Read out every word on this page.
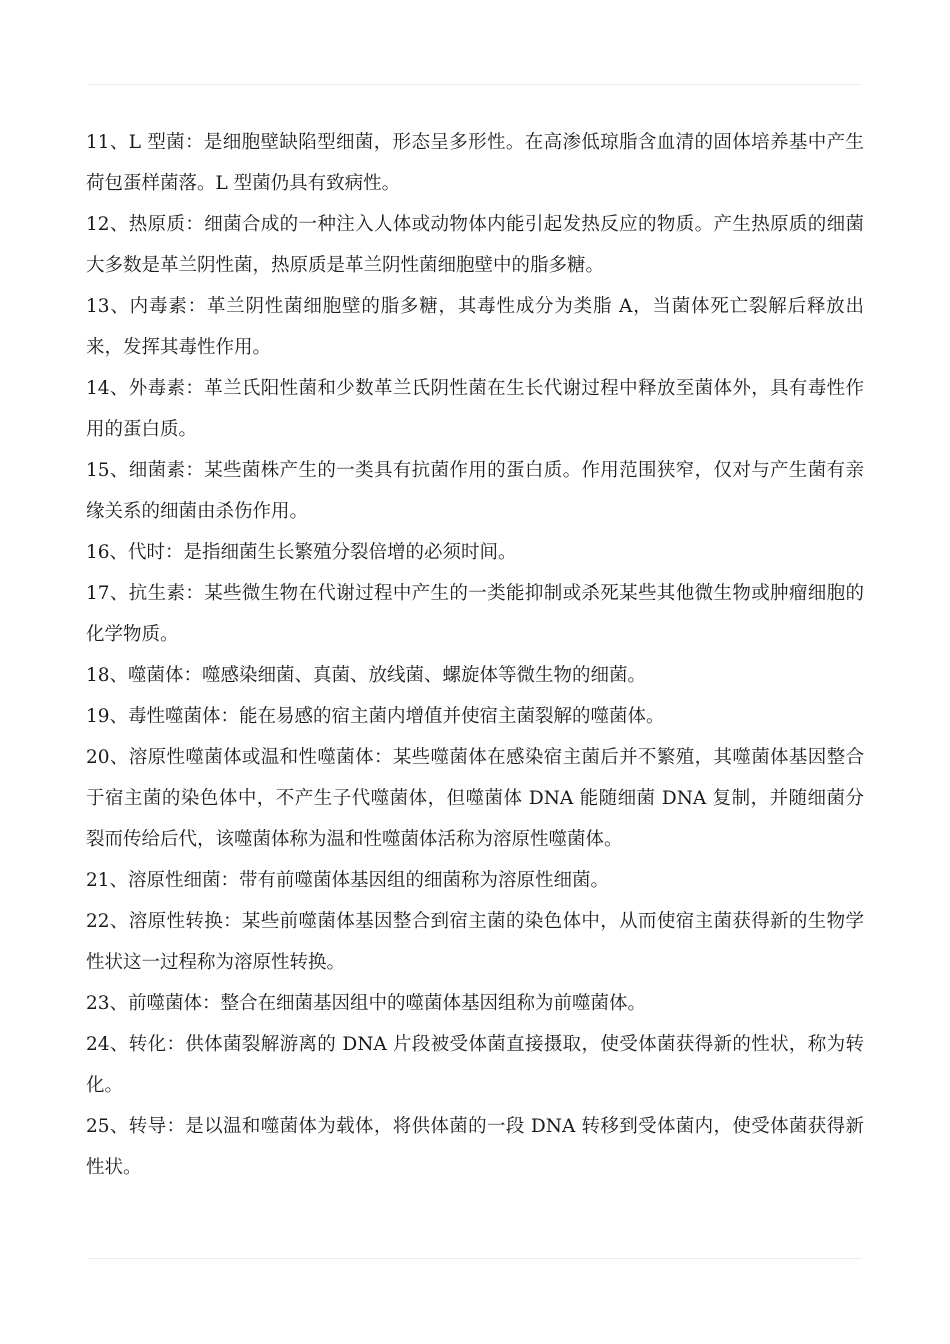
11、L 型菌：是细胞壁缺陷型细菌，形态呈多形性。在高渗低琼脂含血清的固体培养基中产生荷包蛋样菌落。L 型菌仍具有致病性。

12、热原质：细菌合成的一种注入人体或动物体内能引起发热反应的物质。产生热原质的细菌大多数是革兰阴性菌，热原质是革兰阴性菌细胞壁中的脂多糖。

13、内毒素：革兰阴性菌细胞壁的脂多糖，其毒性成分为类脂 A，当菌体死亡裂解后释放出来，发挥其毒性作用。

14、外毒素：革兰氏阳性菌和少数革兰氏阴性菌在生长代谢过程中释放至菌体外，具有毒性作用的蛋白质。

15、细菌素：某些菌株产生的一类具有抗菌作用的蛋白质。作用范围狭窄，仅对与产生菌有亲缘关系的细菌由杀伤作用。

16、代时：是指细菌生长繁殖分裂倍增的必须时间。

17、抗生素：某些微生物在代谢过程中产生的一类能抑制或杀死某些其他微生物或肿瘤细胞的化学物质。

18、噬菌体：噬感染细菌、真菌、放线菌、螺旋体等微生物的细菌。

19、毒性噬菌体：能在易感的宿主菌内增值并使宿主菌裂解的噬菌体。

20、溶原性噬菌体或温和性噬菌体：某些噬菌体在感染宿主菌后并不繁殖，其噬菌体基因整合于宿主菌的染色体中，不产生子代噬菌体，但噬菌体 DNA 能随细菌 DNA 复制，并随细菌分裂而传给后代，该噬菌体称为温和性噬菌体活称为溶原性噬菌体。

21、溶原性细菌：带有前噬菌体基因组的细菌称为溶原性细菌。

22、溶原性转换：某些前噬菌体基因整合到宿主菌的染色体中，从而使宿主菌获得新的生物学性状这一过程称为溶原性转换。

23、前噬菌体：整合在细菌基因组中的噬菌体基因组称为前噬菌体。

24、转化：供体菌裂解游离的 DNA 片段被受体菌直接摄取，使受体菌获得新的性状，称为转化。

25、转导：是以温和噬菌体为载体，将供体菌的一段 DNA 转移到受体菌内，使受体菌获得新性状。
